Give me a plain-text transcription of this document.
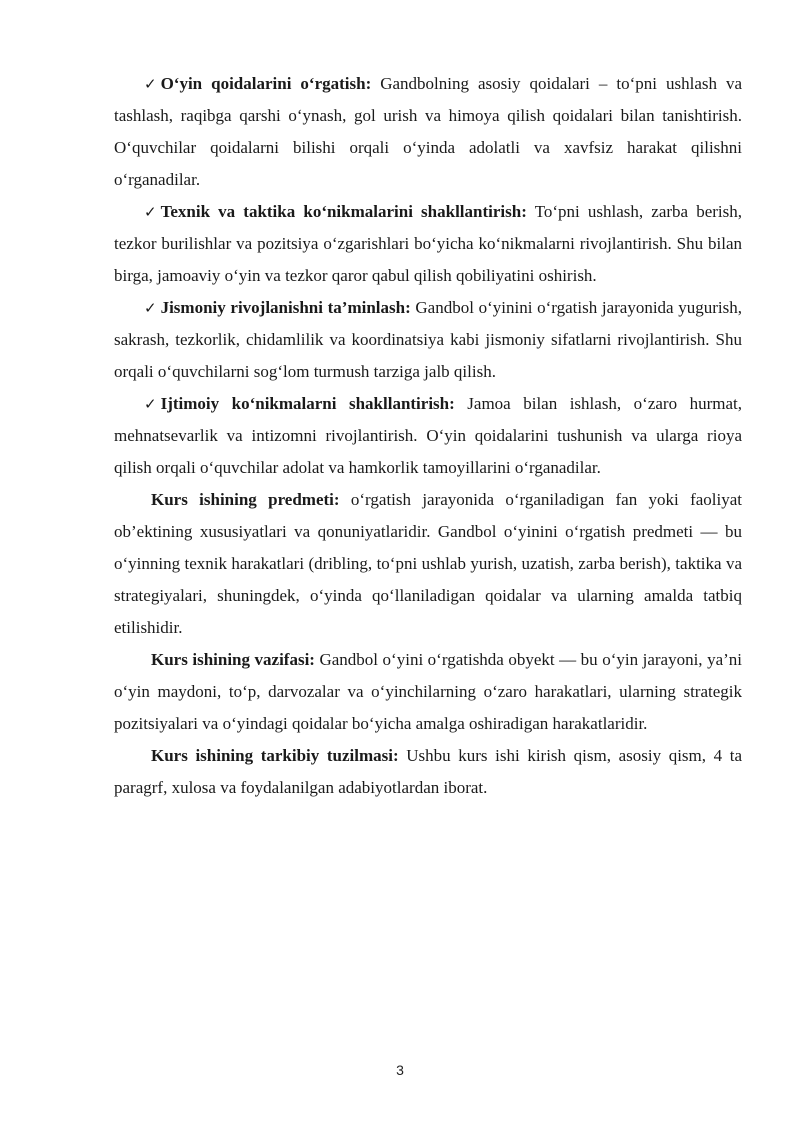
✓ O‘yin qoidalarini o‘rgatish: Gandbolning asosiy qoidalari – to‘pni ushlash va tashlash, raqibga qarshi o‘ynash, gol urish va himoya qilish qoidalari bilan tanishtirish. O‘quvchilar qoidalarni bilishi orqali o‘yinda adolatli va xavfsiz harakat qilishni o‘rganadilar.

✓ Texnik va taktika ko‘nikmalarini shakllantirish: To‘pni ushlash, zarba berish, tezkor burilishlar va pozitsiya o‘zgarishlari bo‘yicha ko‘nikmalarni rivojlantirish. Shu bilan birga, jamoaviy o‘yin va tezkor qaror qabul qilish qobiliyatini oshirish.

✓ Jismoniy rivojlanishni ta’minlash: Gandbol o‘yinini o‘rgatish jarayonida yugurish, sakrash, tezkorlik, chidamlilik va koordinatsiya kabi jismoniy sifatlarni rivojlantirish. Shu orqali o‘quvchilarni sog‘lom turmush tarziga jalb qilish.

✓ Ijtimoiy ko‘nikmalarni shakllantirish: Jamoa bilan ishlash, o‘zaro hurmat, mehnatsevarlik va intizomni rivojlantirish. O‘yin qoidalarini tushunish va ularga rioya qilish orqali o‘quvchilar adolat va hamkorlik tamoyillarini o‘rganadilar.

Kurs ishining predmeti: o‘rgatish jarayonida o‘rganiladigan fan yoki faoliyat ob’ektining xususiyatlari va qonuniyatlaridir. Gandbol o‘yinini o‘rgatish predmeti — bu o‘yinning texnik harakatlari (dribling, to‘pni ushlab yurish, uzatish, zarba berish), taktika va strategiyalari, shuningdek, o‘yinda qo‘llaniladigan qoidalar va ularning amalda tatbiq etilishidir.

Kurs ishining vazifasi: Gandbol o‘yini o‘rgatishda obyekt — bu o‘yin jarayoni, ya’ni o‘yin maydoni, to‘p, darvozalar va o‘yinchilarning o‘zaro harakatlari, ularning strategik pozitsiyalari va o‘yindagi qoidalar bo‘yicha amalga oshiradigan harakatlaridir.

Kurs ishining tarkibiy tuzilmasi: Ushbu kurs ishi kirish qism, asosiy qism, 4 ta paragrf, xulosa va foydalanilgan adabiyotlardan iborat.

3
